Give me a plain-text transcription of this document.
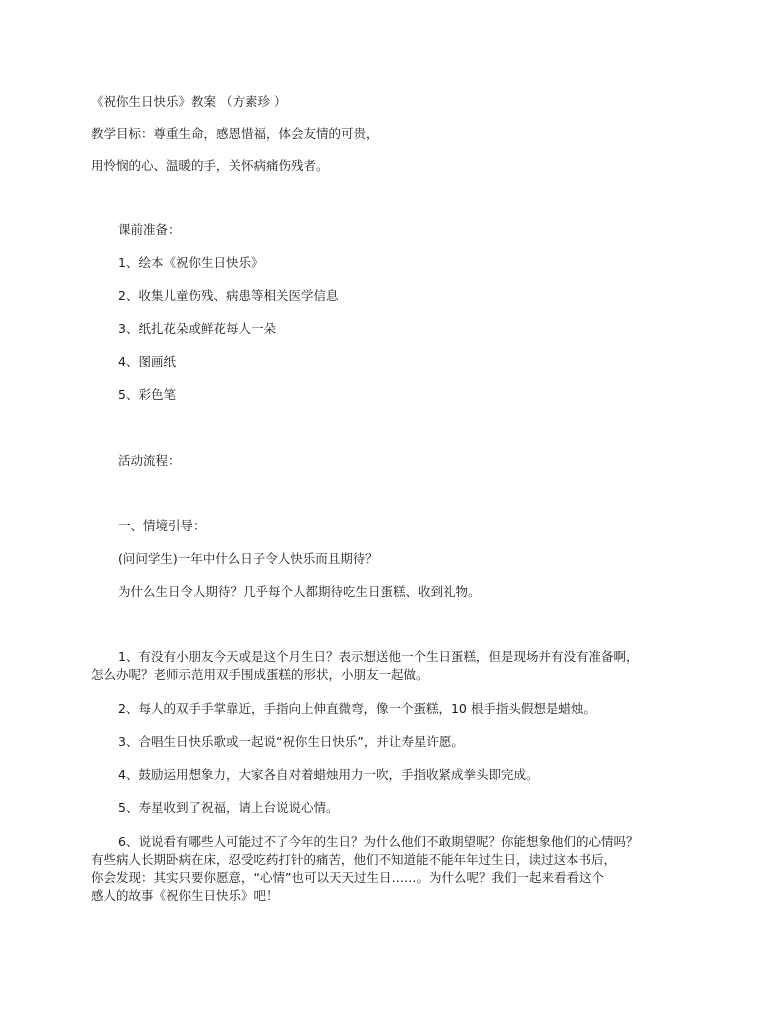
《祝你生日快乐》教案 （方素珍 ）
教学目标：尊重生命，感恩惜福，体会友情的可贵，
用怜悯的心、温暖的手，关怀病痛伤残者。
课前准备：
1、绘本《祝你生日快乐》
2、收集儿童伤残、病患等相关医学信息
3、纸扎花朵或鲜花每人一朵
4、图画纸
5、彩色笔
活动流程：
一、情境引导：
(问问学生)一年中什么日子令人快乐而且期待？
为什么生日令人期待？几乎每个人都期待吃生日蛋糕、收到礼物。
1、有没有小朋友今天或是这个月生日？表示想送他一个生日蛋糕，但是现场并有没有准备啊，
怎么办呢？老师示范用双手围成蛋糕的形状，小朋友一起做。
2、每人的双手手掌靠近，手指向上伸直微弯，像一个蛋糕，10 根手指头假想是蜡烛。
3、合唱生日快乐歌或一起说“祝你生日快乐”，并让寿星许愿。
4、鼓励运用想象力，大家各自对着蜡烛用力一吹，手指收紧成拳头即完成。
5、寿星收到了祝福，请上台说说心情。
6、说说看有哪些人可能过不了今年的生日？为什么他们不敢期望呢？你能想象他们的心情吗？
有些病人长期卧病在床，忍受吃药打针的痛苦，他们不知道能不能年年过生日，读过这本书后，
你会发现：其实只要你愿意，“心情”也可以天天过生日……。为什么呢？我们一起来看看这个
感人的故事《祝你生日快乐》吧！
